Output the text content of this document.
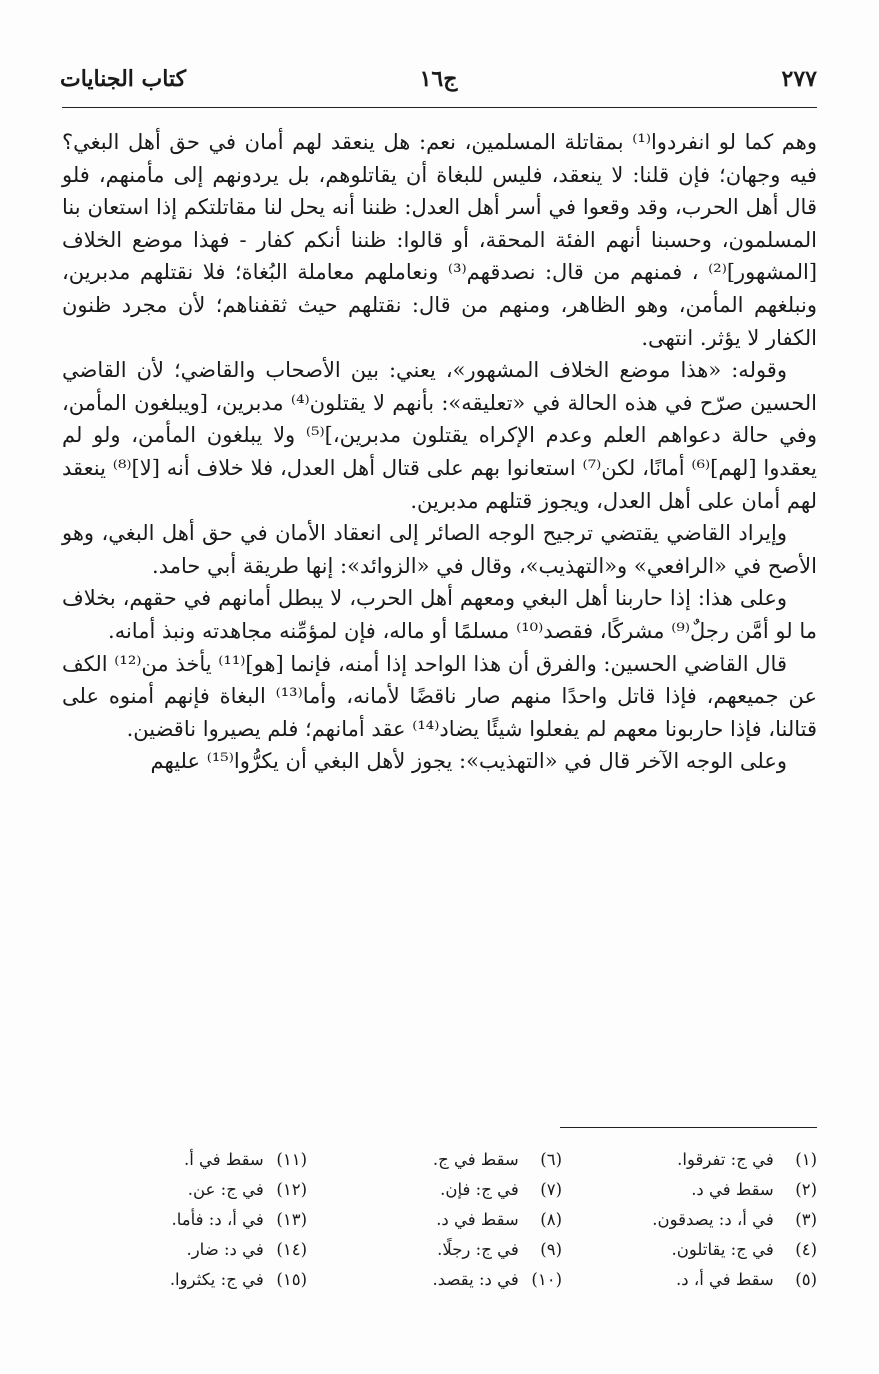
٢٧٧
ج١٦
كتاب الجنايات

وهم كما لو انفردوا⁽¹⁾ بمقاتلة المسلمين، نعم: هل ينعقد لهم أمان في حق أهل البغي؟ فيه وجهان؛ فإن قلنا: لا ينعقد، فليس للبغاة أن يقاتلوهم، بل يردونهم إلى مأمنهم، فلو قال أهل الحرب، وقد وقعوا في أسر أهل العدل: ظننا أنه يحل لنا مقاتلتكم إذا استعان بنا المسلمون، وحسبنا أنهم الفئة المحقة، أو قالوا: ظننا أنكم كفار - فهذا موضع الخلاف [المشهور]⁽²⁾ ، فمنهم من قال: نصدقهم⁽³⁾ ونعاملهم معاملة البُغاة؛ فلا نقتلهم مدبرين، ونبلغهم المأمن، وهو الظاهر، ومنهم من قال: نقتلهم حيث ثقفناهم؛ لأن مجرد ظنون الكفار لا يؤثر. انتهى.

وقوله: «هذا موضع الخلاف المشهور»، يعني: بين الأصحاب والقاضي؛ لأن القاضي الحسين صرّح في هذه الحالة في «تعليقه»: بأنهم لا يقتلون⁽⁴⁾ مدبرين، [ويبلغون المأمن، وفي حالة دعواهم العلم وعدم الإكراه يقتلون مدبرين،]⁽⁵⁾ ولا يبلغون المأمن، ولو لم يعقدوا [لهم]⁽⁶⁾ أمانًا، لكن⁽⁷⁾ استعانوا بهم على قتال أهل العدل، فلا خلاف أنه [لا]⁽⁸⁾ ينعقد لهم أمان على أهل العدل، ويجوز قتلهم مدبرين.

وإيراد القاضي يقتضي ترجيح الوجه الصائر إلى انعقاد الأمان في حق أهل البغي، وهو الأصح في «الرافعي» و«التهذيب»، وقال في «الزوائد»: إنها طريقة أبي حامد.

وعلى هذا: إذا حاربنا أهل البغي ومعهم أهل الحرب، لا يبطل أمانهم في حقهم، بخلاف ما لو أمَّن رجلٌ⁽⁹⁾ مشركًا، فقصد⁽¹⁰⁾ مسلمًا أو ماله، فإن لمؤمِّنه مجاهدته ونبذ أمانه.

قال القاضي الحسين: والفرق أن هذا الواحد إذا أمنه، فإنما [هو]⁽¹¹⁾ يأخذ من⁽¹²⁾ الكف عن جميعهم، فإذا قاتل واحدًا منهم صار ناقضًا لأمانه، وأما⁽¹³⁾ البغاة فإنهم أمنوه على قتالنا، فإذا حاربونا معهم لم يفعلوا شيئًا يضاد⁽¹⁴⁾ عقد أمانهم؛ فلم يصيروا ناقضين.

وعلى الوجه الآخر قال في «التهذيب»: يجوز لأهل البغي أن يكرُّوا⁽¹⁵⁾ عليهم

(١) في ج: تفرقوا.
(٢) سقط في د.
(٣) في أ، د: يصدقون.
(٤) في ج: يقاتلون.
(٥) سقط في أ، د.
(٦) سقط في ج.
(٧) في ج: فإن.
(٨) سقط في د.
(٩) في ج: رجلًا.
(١٠) في د: يقصد.
(١١) سقط في أ.
(١٢) في ج: عن.
(١٣) في أ، د: فأما.
(١٤) في د: ضار.
(١٥) في ج: يكثروا.
